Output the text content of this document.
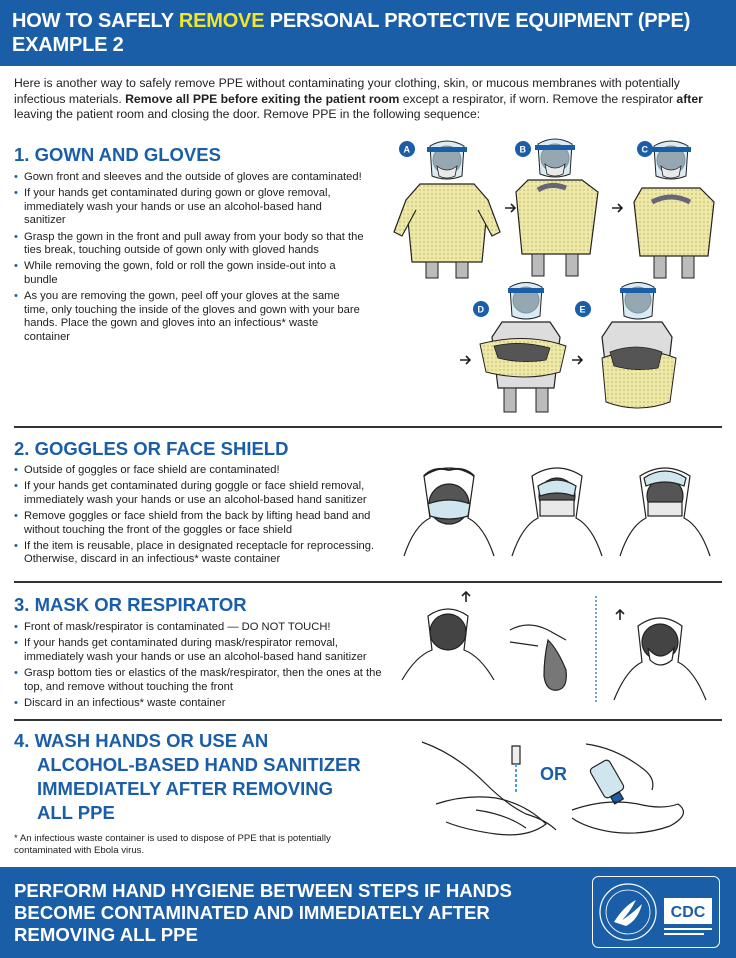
HOW TO SAFELY REMOVE PERSONAL PROTECTIVE EQUIPMENT (PPE)
EXAMPLE 2
Here is another way to safely remove PPE without contaminating your clothing, skin, or mucous membranes with potentially infectious materials. Remove all PPE before exiting the patient room except a respirator, if worn. Remove the respirator after leaving the patient room and closing the door. Remove PPE in the following sequence:
1. GOWN AND GLOVES
• Gown front and sleeves and the outside of gloves are contaminated!
• If your hands get contaminated during gown or glove removal, immediately wash your hands or use an alcohol-based hand sanitizer
• Grasp the gown in the front and pull away from your body so that the ties break, touching outside of gown only with gloved hands
• While removing the gown, fold or roll the gown inside-out into a bundle
• As you are removing the gown, peel off your gloves at the same time, only touching the inside of the gloves and gown with your bare hands. Place the gown and gloves into an infectious* waste container
A	B	C
D	E
2. GOGGLES OR FACE SHIELD
• Outside of goggles or face shield are contaminated!
• If your hands get contaminated during goggle or face shield removal, immediately wash your hands or use an alcohol-based hand sanitizer
• Remove goggles or face shield from the back by lifting head band and without touching the front of the goggles or face shield
• If the item is reusable, place in designated receptacle for reprocessing. Otherwise, discard in an infectious* waste container
3. MASK OR RESPIRATOR
• Front of mask/respirator is contaminated — DO NOT TOUCH!
• If your hands get contaminated during mask/respirator removal, immediately wash your hands or use an alcohol-based hand sanitizer
• Grasp bottom ties or elastics of the mask/respirator, then the ones at the top, and remove without touching the front
• Discard in an infectious* waste container
4. WASH HANDS OR USE AN
ALCOHOL-BASED HAND SANITIZER
IMMEDIATELY AFTER REMOVING
ALL PPE
OR
* An infectious waste container is used to dispose of PPE that is potentially contaminated with Ebola virus.
PERFORM HAND HYGIENE BETWEEN STEPS IF HANDS BECOME CONTAMINATED AND IMMEDIATELY AFTER REMOVING ALL PPE
CDC
